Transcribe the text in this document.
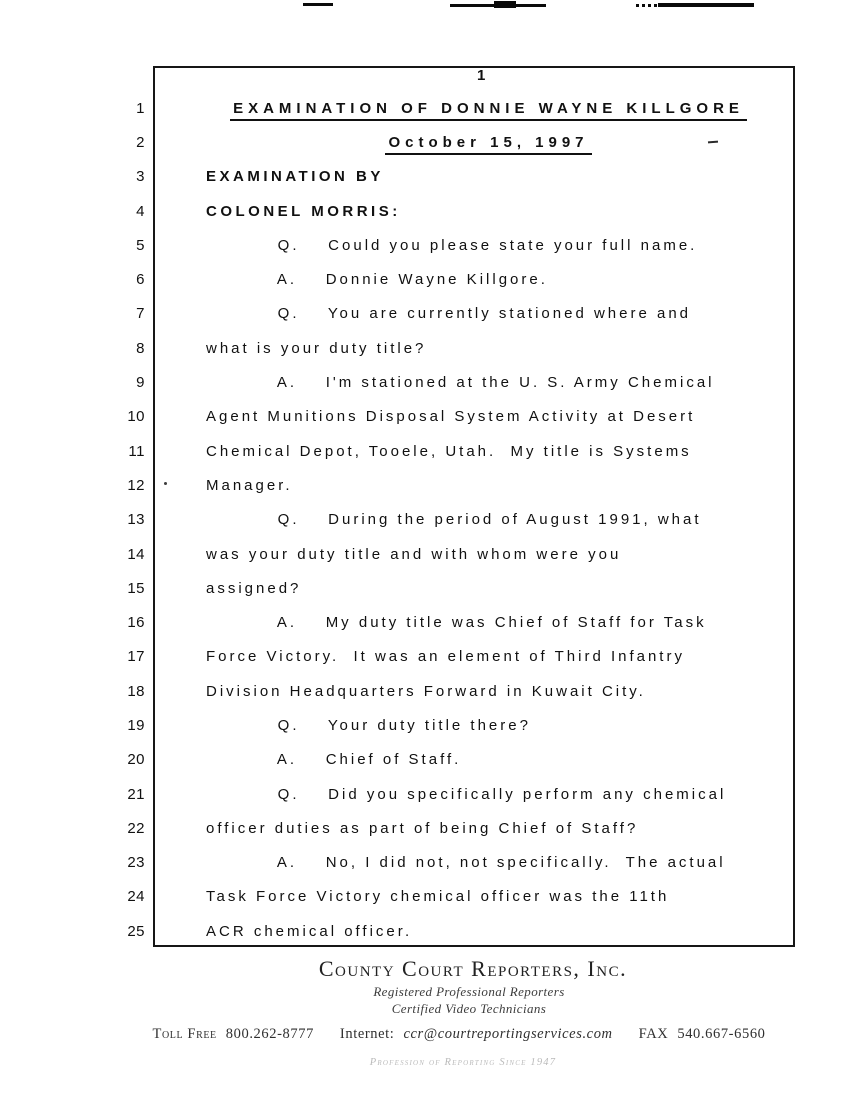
1
1	EXAMINATION OF DONNIE WAYNE KILLGORE
2	October 15, 1997
3	EXAMINATION BY
4	COLONEL MORRIS:
5	Q.    Could you please state your full name.
6	A.    Donnie Wayne Killgore.
7	Q.    You are currently stationed where and
8	what is your duty title?
9	A.    I'm stationed at the U. S. Army Chemical
10	Agent Munitions Disposal System Activity at Desert
11	Chemical Depot, Tooele, Utah.  My title is Systems
12	Manager.
13	Q.    During the period of August 1991, what
14	was your duty title and with whom were you
15	assigned?
16	A.    My duty title was Chief of Staff for Task
17	Force Victory.  It was an element of Third Infantry
18	Division Headquarters Forward in Kuwait City.
19	Q.    Your duty title there?
20	A.    Chief of Staff.
21	Q.    Did you specifically perform any chemical
22	officer duties as part of being Chief of Staff?
23	A.    No, I did not, not specifically.  The actual
24	Task Force Victory chemical officer was the 11th
25	ACR chemical officer.
County Court Reporters, Inc.
Registered Professional Reporters
Certified Video Technicians
Toll Free 800.262-8777 Internet: ccr@courtreportingservices.com FAX 540.667-6560
Profession of Reporting Since 1947
